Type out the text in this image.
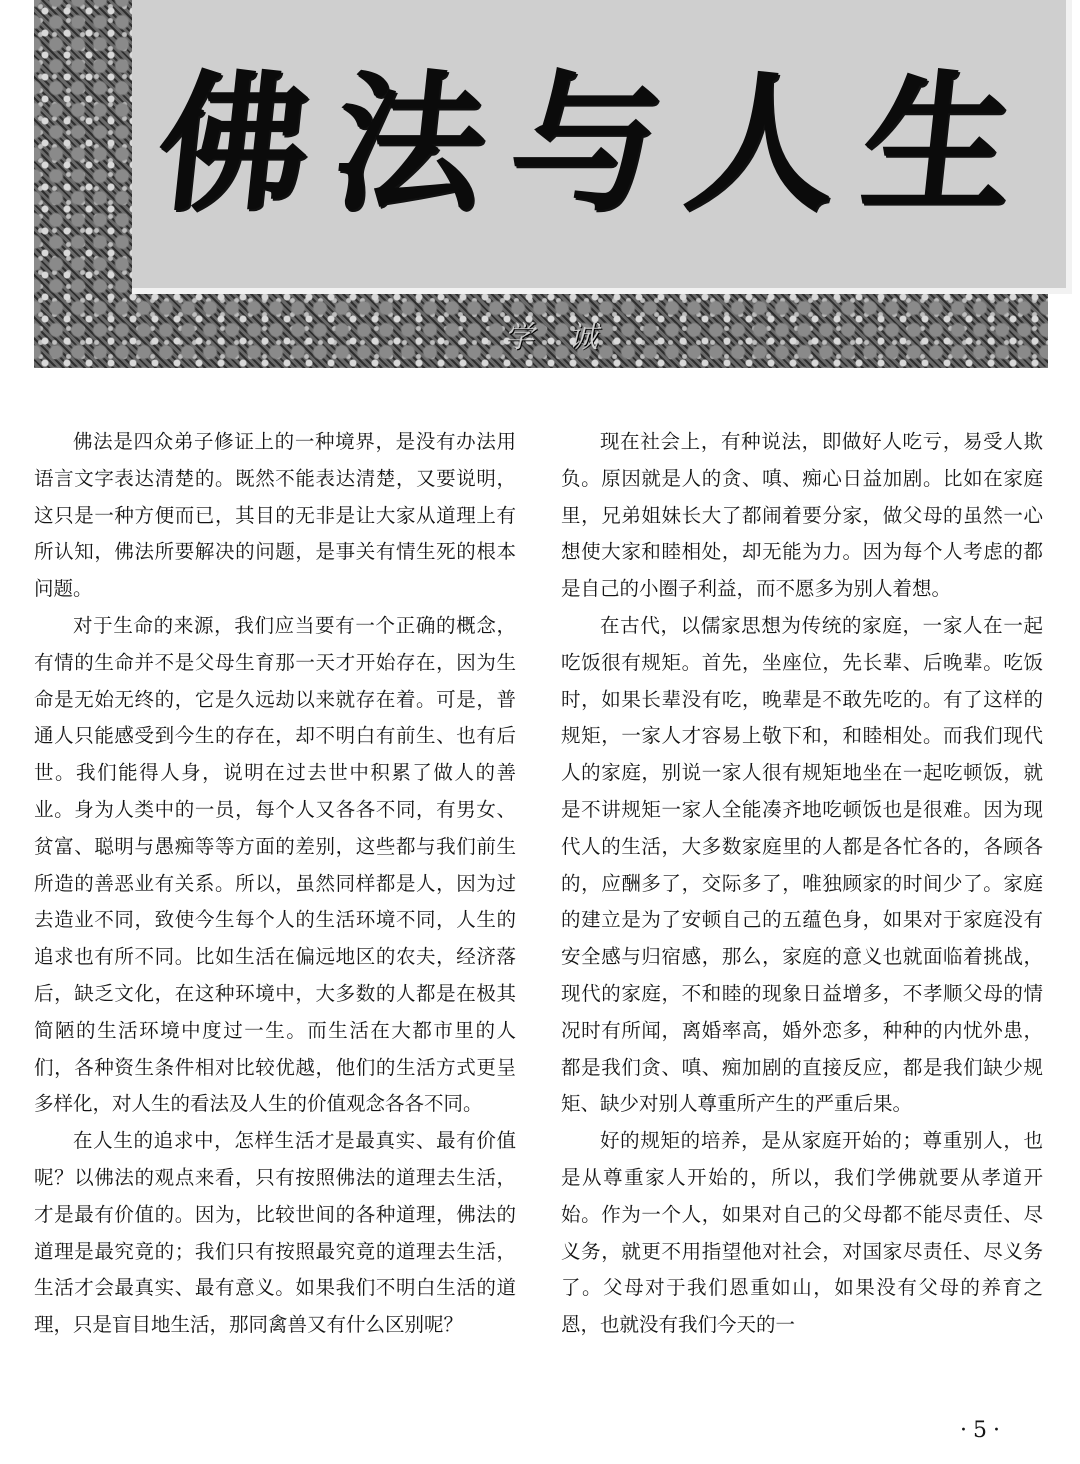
佛法与人生
学诚

佛法是四众弟子修证上的一种境界，是没有办法用语言文字表达清楚的。既然不能表达清楚，又要说明，这只是一种方便而已，其目的无非是让大家从道理上有所认知，佛法所要解决的问题，是事关有情生死的根本问题。

对于生命的来源，我们应当要有一个正确的概念，有情的生命并不是父母生育那一天才开始存在，因为生命是无始无终的，它是久远劫以来就存在着。可是，普通人只能感受到今生的存在，却不明白有前生、也有后世。我们能得人身，说明在过去世中积累了做人的善业。身为人类中的一员，每个人又各各不同，有男女、贫富、聪明与愚痴等等方面的差别，这些都与我们前生所造的善恶业有关系。所以，虽然同样都是人，因为过去造业不同，致使今生每个人的生活环境不同，人生的追求也有所不同。比如生活在偏远地区的农夫，经济落后，缺乏文化，在这种环境中，大多数的人都是在极其简陋的生活环境中度过一生。而生活在大都市里的人们，各种资生条件相对比较优越，他们的生活方式更呈多样化，对人生的看法及人生的价值观念各各不同。

在人生的追求中，怎样生活才是最真实、最有价值呢？以佛法的观点来看，只有按照佛法的道理去生活，才是最有价值的。因为，比较世间的各种道理，佛法的道理是最究竟的；我们只有按照最究竟的道理去生活，生活才会最真实、最有意义。如果我们不明白生活的道理，只是盲目地生活，那同禽兽又有什么区别呢？

现在社会上，有种说法，即做好人吃亏，易受人欺负。原因就是人的贪、嗔、痴心日益加剧。比如在家庭里，兄弟姐妹长大了都闹着要分家，做父母的虽然一心想使大家和睦相处，却无能为力。因为每个人考虑的都是自己的小圈子利益，而不愿多为别人着想。

在古代，以儒家思想为传统的家庭，一家人在一起吃饭很有规矩。首先，坐座位，先长辈、后晚辈。吃饭时，如果长辈没有吃，晚辈是不敢先吃的。有了这样的规矩，一家人才容易上敬下和，和睦相处。而我们现代人的家庭，别说一家人很有规矩地坐在一起吃顿饭，就是不讲规矩一家人全能凑齐地吃顿饭也是很难。因为现代人的生活，大多数家庭里的人都是各忙各的，各顾各的，应酬多了，交际多了，唯独顾家的时间少了。家庭的建立是为了安顿自己的五蕴色身，如果对于家庭没有安全感与归宿感，那么，家庭的意义也就面临着挑战，现代的家庭，不和睦的现象日益增多，不孝顺父母的情况时有所闻，离婚率高，婚外恋多，种种的内忧外患，都是我们贪、嗔、痴加剧的直接反应，都是我们缺少规矩、缺少对别人尊重所产生的严重后果。

好的规矩的培养，是从家庭开始的；尊重别人，也是从尊重家人开始的，所以，我们学佛就要从孝道开始。作为一个人，如果对自己的父母都不能尽责任、尽义务，就更不用指望他对社会，对国家尽责任、尽义务了。父母对于我们恩重如山，如果没有父母的养育之恩，也就没有我们今天的一

·5·
